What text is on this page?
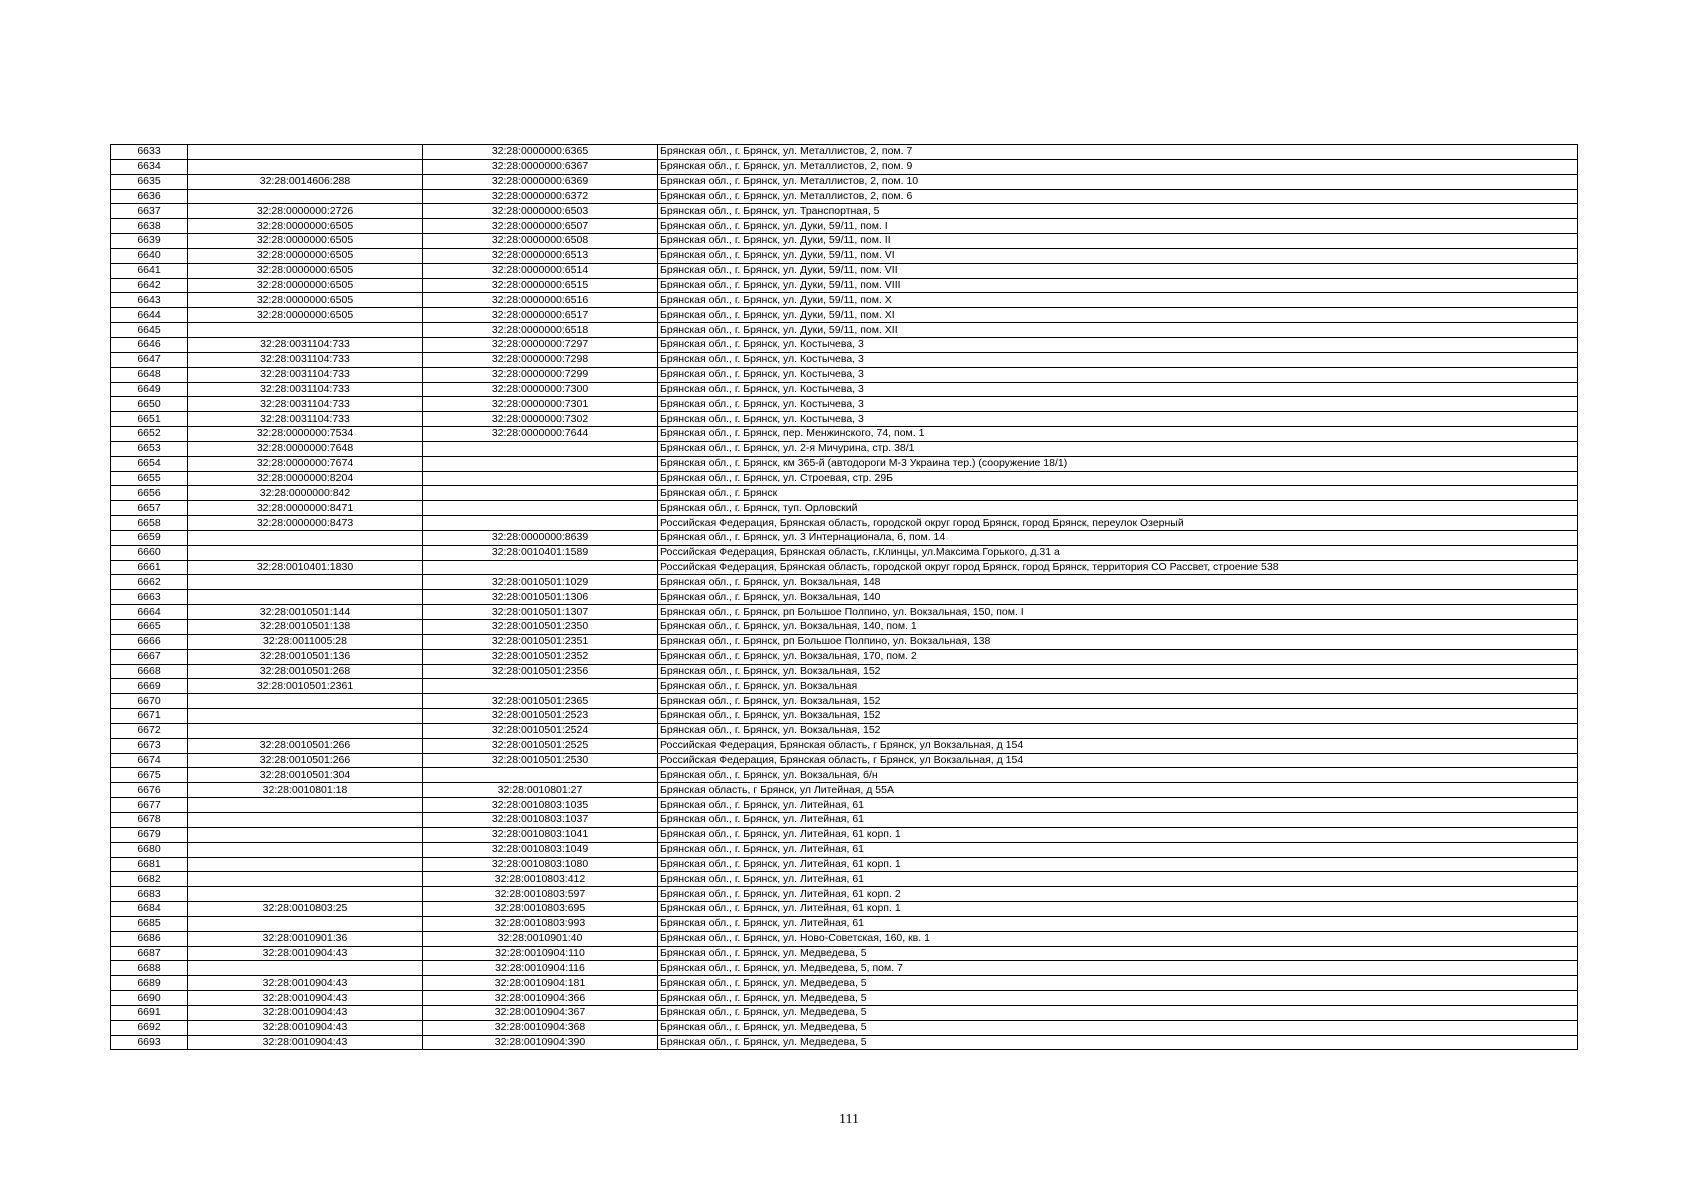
6633		32:28:0000000:6365	Брянская обл., г. Брянск, ул. Металлистов, 2, пом. 7
6634		32:28:0000000:6367	Брянская обл., г. Брянск, ул. Металлистов, 2, пом. 9
6635	32:28:0014606:288	32:28:0000000:6369	Брянская обл., г. Брянск, ул. Металлистов, 2, пом. 10
6636		32:28:0000000:6372	Брянская обл., г. Брянск, ул. Металлистов, 2, пом. 6
6637	32:28:0000000:2726	32:28:0000000:6503	Брянская обл., г. Брянск, ул. Транспортная, 5
6638	32:28:0000000:6505	32:28:0000000:6507	Брянская обл., г. Брянск, ул. Дуки, 59/11, пом. I
6639	32:28:0000000:6505	32:28:0000000:6508	Брянская обл., г. Брянск, ул. Дуки, 59/11, пом. II
6640	32:28:0000000:6505	32:28:0000000:6513	Брянская обл., г. Брянск, ул. Дуки, 59/11, пом. VI
6641	32:28:0000000:6505	32:28:0000000:6514	Брянская обл., г. Брянск, ул. Дуки, 59/11, пом. VII
6642	32:28:0000000:6505	32:28:0000000:6515	Брянская обл., г. Брянск, ул. Дуки, 59/11, пом. VIII
6643	32:28:0000000:6505	32:28:0000000:6516	Брянская обл., г. Брянск, ул. Дуки, 59/11, пом. X
6644	32:28:0000000:6505	32:28:0000000:6517	Брянская обл., г. Брянск, ул. Дуки, 59/11, пом. XI
6645		32:28:0000000:6518	Брянская обл., г. Брянск, ул. Дуки, 59/11, пом. XII
6646	32:28:0031104:733	32:28:0000000:7297	Брянская обл., г. Брянск, ул. Костычева, 3
6647	32:28:0031104:733	32:28:0000000:7298	Брянская обл., г. Брянск, ул. Костычева, 3
6648	32:28:0031104:733	32:28:0000000:7299	Брянская обл., г. Брянск, ул. Костычева, 3
6649	32:28:0031104:733	32:28:0000000:7300	Брянская обл., г. Брянск, ул. Костычева, 3
6650	32:28:0031104:733	32:28:0000000:7301	Брянская обл., г. Брянск, ул. Костычева, 3
6651	32:28:0031104:733	32:28:0000000:7302	Брянская обл., г. Брянск, ул. Костычева, 3
6652	32:28:0000000:7534	32:28:0000000:7644	Брянская обл., г. Брянск, пер. Менжинского, 74, пом. 1
6653	32:28:0000000:7648		Брянская обл., г. Брянск, ул. 2-я Мичурина, стр. 38/1
6654	32:28:0000000:7674		Брянская обл., г. Брянск, км 365-й (автодороги М-3 Украина тер.) (сооружение 18/1)
6655	32:28:0000000:8204		Брянская обл., г. Брянск, ул. Строевая, стр. 29Б
6656	32:28:0000000:842		Брянская обл., г. Брянск
6657	32:28:0000000:8471		Брянская обл., г. Брянск, туп. Орловский
6658	32:28:0000000:8473		Российская Федерация, Брянская область, городской округ город Брянск, город Брянск, переулок Озерный
6659		32:28:0000000:8639	Брянская обл., г. Брянск, ул. 3 Интернационала, 6, пом. 14
6660		32:28:0010401:1589	Российская Федерация, Брянская область, г.Клинцы, ул.Максима Горького, д.31 а
6661	32:28:0010401:1830		Российская Федерация, Брянская область, городской округ город Брянск, город Брянск, территория СО Рассвет, строение 538
6662		32:28:0010501:1029	Брянская обл., г. Брянск, ул. Вокзальная, 148
6663		32:28:0010501:1306	Брянская обл., г. Брянск, ул. Вокзальная, 140
6664	32:28:0010501:144	32:28:0010501:1307	Брянская обл., г. Брянск, рп Большое Полпино, ул. Вокзальная, 150, пом. I
6665	32:28:0010501:138	32:28:0010501:2350	Брянская обл., г. Брянск, ул. Вокзальная, 140, пом. 1
6666	32:28:0011005:28	32:28:0010501:2351	Брянская обл., г. Брянск, рп Большое Полпино, ул. Вокзальная, 138
6667	32:28:0010501:136	32:28:0010501:2352	Брянская обл., г. Брянск, ул. Вокзальная, 170, пом. 2
6668	32:28:0010501:268	32:28:0010501:2356	Брянская обл., г. Брянск, ул. Вокзальная, 152
6669	32:28:0010501:2361		Брянская обл., г. Брянск, ул. Вокзальная
6670		32:28:0010501:2365	Брянская обл., г. Брянск, ул. Вокзальная, 152
6671		32:28:0010501:2523	Брянская обл., г. Брянск, ул. Вокзальная, 152
6672		32:28:0010501:2524	Брянская обл., г. Брянск, ул. Вокзальная, 152
6673	32:28:0010501:266	32:28:0010501:2525	Российская Федерация, Брянская область, г Брянск, ул Вокзальная, д 154
6674	32:28:0010501:266	32:28:0010501:2530	Российская Федерация, Брянская область, г Брянск, ул Вокзальная, д 154
6675	32:28:0010501:304		Брянская обл., г. Брянск, ул. Вокзальная, б/н
6676	32:28:0010801:18	32:28:0010801:27	Брянская область, г Брянск, ул Литейная, д 55А
6677		32:28:0010803:1035	Брянская обл., г. Брянск, ул. Литейная, 61
6678		32:28:0010803:1037	Брянская обл., г. Брянск, ул. Литейная, 61
6679		32:28:0010803:1041	Брянская обл., г. Брянск, ул. Литейная, 61 корп. 1
6680		32:28:0010803:1049	Брянская обл., г. Брянск, ул. Литейная, 61
6681		32:28:0010803:1080	Брянская обл., г. Брянск, ул. Литейная, 61 корп. 1
6682		32:28:0010803:412	Брянская обл., г. Брянск, ул. Литейная, 61
6683		32:28:0010803:597	Брянская обл., г. Брянск, ул. Литейная, 61 корп. 2
6684	32:28:0010803:25	32:28:0010803:695	Брянская обл., г. Брянск, ул. Литейная, 61 корп. 1
6685		32:28:0010803:993	Брянская обл., г. Брянск, ул. Литейная, 61
6686	32:28:0010901:36	32:28:0010901:40	Брянская обл., г. Брянск, ул. Ново-Советская, 160, кв. 1
6687	32:28:0010904:43	32:28:0010904:110	Брянская обл., г. Брянск, ул. Медведева, 5
6688		32:28:0010904:116	Брянская обл., г. Брянск, ул. Медведева, 5, пом. 7
6689	32:28:0010904:43	32:28:0010904:181	Брянская обл., г. Брянск, ул. Медведева, 5
6690	32:28:0010904:43	32:28:0010904:366	Брянская обл., г. Брянск, ул. Медведева, 5
6691	32:28:0010904:43	32:28:0010904:367	Брянская обл., г. Брянск, ул. Медведева, 5
6692	32:28:0010904:43	32:28:0010904:368	Брянская обл., г. Брянск, ул. Медведева, 5
6693	32:28:0010904:43	32:28:0010904:390	Брянская обл., г. Брянск, ул. Медведева, 5
111
